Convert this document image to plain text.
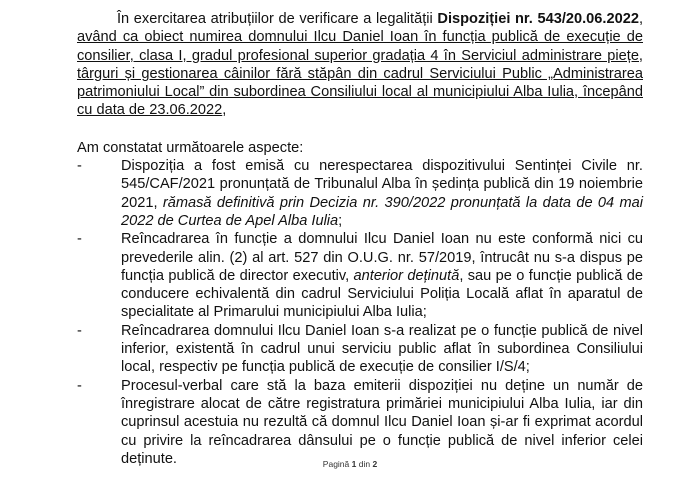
În exercitarea atribuțiilor de verificare a legalității Dispoziției nr. 543/20.06.2022, având ca obiect numirea domnului Ilcu Daniel Ioan în funcția publică de execuție de consilier, clasa I, gradul profesional superior gradația 4 în Serviciul administrare piețe, târguri și gestionarea câinilor fără stăpân din cadrul Serviciului Public „Administrarea patrimoniului Local” din subordinea Consiliului local al municipiului Alba Iulia, începând cu data de 23.06.2022,

Am constatat următoarele aspecte:

-	Dispoziția a fost emisă cu nerespectarea dispozitivului Sentinței Civile nr. 545/CAF/2021 pronunțată de Tribunalul Alba în ședința publică din 19 noiembrie 2021, rămasă definitivă prin Decizia nr. 390/2022 pronunțată la data de 04 mai 2022 de Curtea de Apel Alba Iulia;
-	Reîncadrarea în funcție a domnului Ilcu Daniel Ioan nu este conformă nici cu prevederile alin. (2) al art. 527 din O.U.G. nr. 57/2019, întrucât nu s-a dispus pe funcția publică de director executiv, anterior deținută, sau pe o funcție publică de conducere echivalentă din cadrul Serviciului Poliția Locală aflat în aparatul de specialitate al Primarului municipiului Alba Iulia;
-	Reîncadrarea domnului Ilcu Daniel Ioan s-a realizat pe o funcție publică de nivel inferior, existentă în cadrul unui serviciu public aflat în subordinea Consiliului local, respectiv pe funcția publică de execuție de consilier I/S/4;
-	Procesul-verbal care stă la baza emiterii dispoziției nu deține un număr de înregistrare alocat de către registratura primăriei municipiului Alba Iulia, iar din cuprinsul acestuia nu rezultă că domnul Ilcu Daniel Ioan și-ar fi exprimat acordul cu privire la reîncadrarea dânsului pe o funcție publică de nivel inferior celei deținute.	Pagină 1 din 2
